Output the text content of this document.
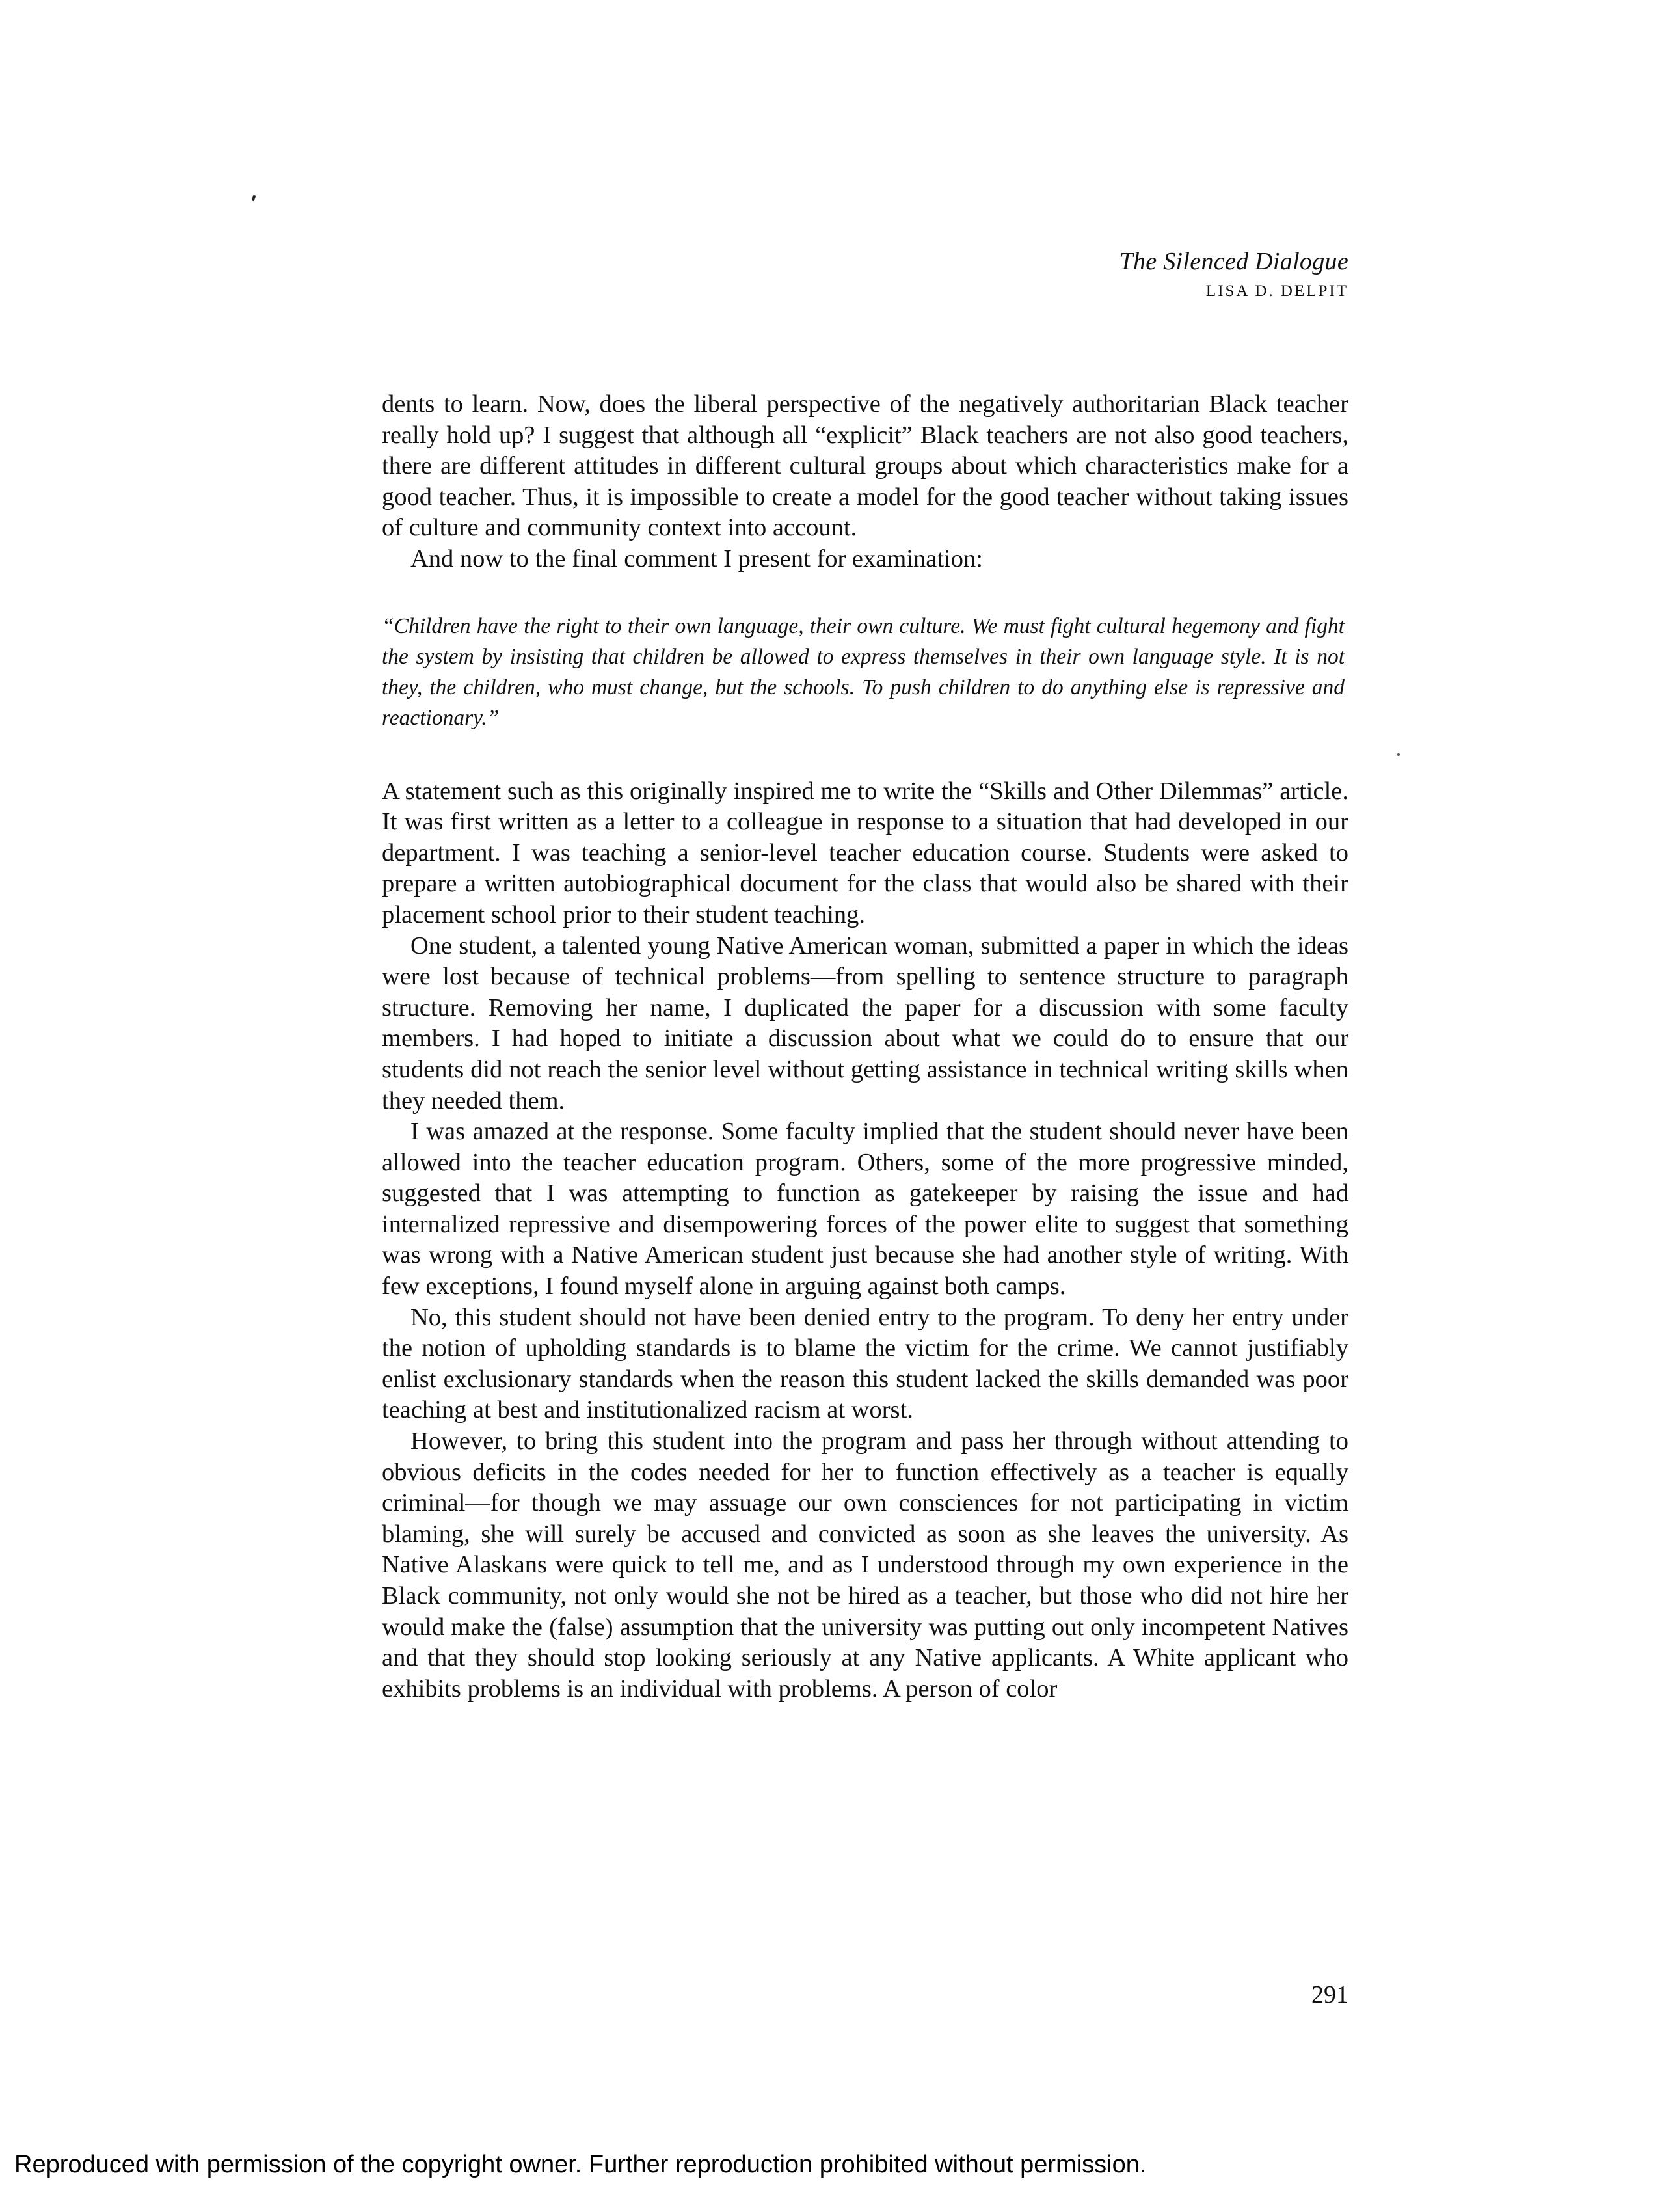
The Silenced Dialogue
LISA D. DELPIT

dents to learn. Now, does the liberal perspective of the negatively authoritarian Black teacher really hold up? I suggest that although all “explicit” Black teachers are not also good teachers, there are different attitudes in different cultural groups about which characteristics make for a good teacher. Thus, it is impossible to create a model for the good teacher without taking issues of culture and community context into account.

And now to the final comment I present for examination:

“Children have the right to their own language, their own culture. We must fight cultural hegemony and fight the system by insisting that children be allowed to express themselves in their own language style. It is not they, the children, who must change, but the schools. To push children to do anything else is repressive and reactionary.”

A statement such as this originally inspired me to write the “Skills and Other Dilemmas” article. It was first written as a letter to a colleague in response to a situation that had developed in our department. I was teaching a senior-level teacher education course. Students were asked to prepare a written autobiographical document for the class that would also be shared with their placement school prior to their student teaching.

One student, a talented young Native American woman, submitted a paper in which the ideas were lost because of technical problems—from spelling to sentence structure to paragraph structure. Removing her name, I duplicated the paper for a discussion with some faculty members. I had hoped to initiate a discussion about what we could do to ensure that our students did not reach the senior level without getting assistance in technical writing skills when they needed them.

I was amazed at the response. Some faculty implied that the student should never have been allowed into the teacher education program. Others, some of the more progressive minded, suggested that I was attempting to function as gatekeeper by raising the issue and had internalized repressive and disempowering forces of the power elite to suggest that something was wrong with a Native American student just because she had another style of writing. With few exceptions, I found myself alone in arguing against both camps.

No, this student should not have been denied entry to the program. To deny her entry under the notion of upholding standards is to blame the victim for the crime. We cannot justifiably enlist exclusionary standards when the reason this student lacked the skills demanded was poor teaching at best and institutionalized racism at worst.

However, to bring this student into the program and pass her through without attending to obvious deficits in the codes needed for her to function effectively as a teacher is equally criminal—for though we may assuage our own consciences for not participating in victim blaming, she will surely be accused and convicted as soon as she leaves the university. As Native Alaskans were quick to tell me, and as I understood through my own experience in the Black community, not only would she not be hired as a teacher, but those who did not hire her would make the (false) assumption that the university was putting out only incompetent Natives and that they should stop looking seriously at any Native applicants. A White applicant who exhibits problems is an individual with problems. A person of color

291
Reproduced with permission of the copyright owner. Further reproduction prohibited without permission.
